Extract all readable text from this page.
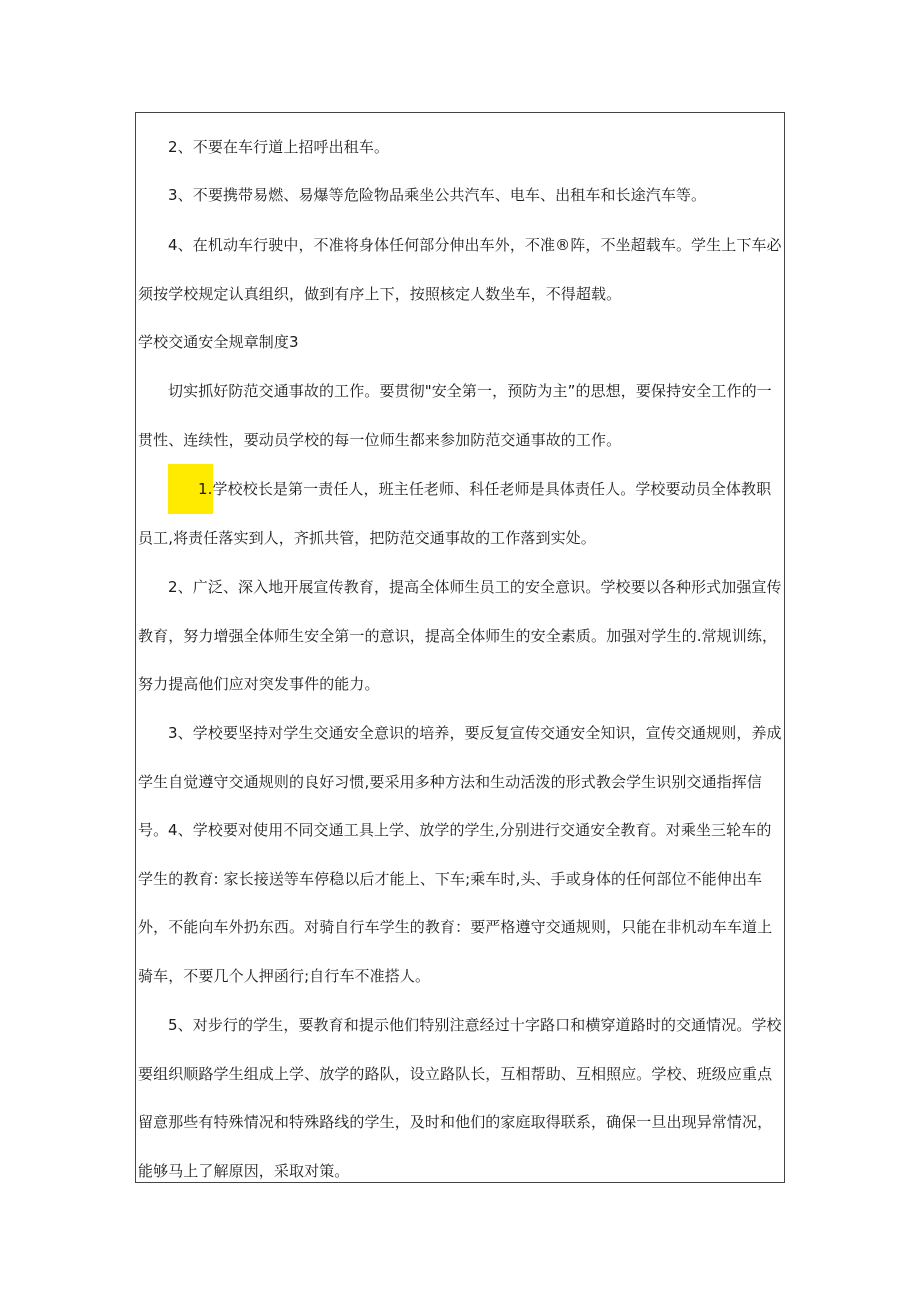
2、不要在车行道上招呼出租车。

3、不要携带易燃、易爆等危险物品乘坐公共汽车、电车、出租车和长途汽车等。

4、在机动车行驶中，不准将身体任何部分伸出车外，不准®阵，不坐超载车。学生上下车必须按学校规定认真组织，做到有序上下，按照核定人数坐车，不得超载。

学校交通安全规章制度3

切实抓好防范交通事故的工作。要贯彻"安全第一，预防为主”的思想，要保持安全工作的一贯性、连续性，要动员学校的每一位师生都来参加防范交通事故的工作。

1.学校校长是第一责任人，班主任老师、科任老师是具体责任人。学校要动员全体教职员工,将责任落实到人，齐抓共管，把防范交通事故的工作落到实处。

2、广泛、深入地开展宣传教育，提高全体师生员工的安全意识。学校要以各种形式加强宣传教育，努力增强全体师生安全第一的意识，提高全体师生的安全素质。加强对学生的.常规训练，努力提高他们应对突发事件的能力。

3、学校要坚持对学生交通安全意识的培养，要反复宣传交通安全知识，宣传交通规则，养成学生自觉遵守交通规则的良好习惯,要采用多种方法和生动活泼的形式教会学生识别交通指挥信号。 4、学校要对使用不同交通工具上学、放学的学生,分别进行交通安全教育。对乘坐三轮车的学生的教育: 家长接送等车停稳以后才能上、下车;乘车时,头、手或身体的任何部位不能伸出车外，不能向车外扔东西。对骑自行车学生的教育：要严格遵守交通规则，只能在非机动车车道上骑车，不要几个人押函行;自行车不准搭人。

5、对步行的学生，要教育和提示他们特别注意经过十字路口和横穿道路时的交通情况。学校要组织顺路学生组成上学、放学的路队，设立路队长，互相帮助、互相照应。学校、班级应重点留意那些有特殊情况和特殊路线的学生，及时和他们的家庭取得联系，确保一旦出现异常情况，能够马上了解原因，采取对策。
